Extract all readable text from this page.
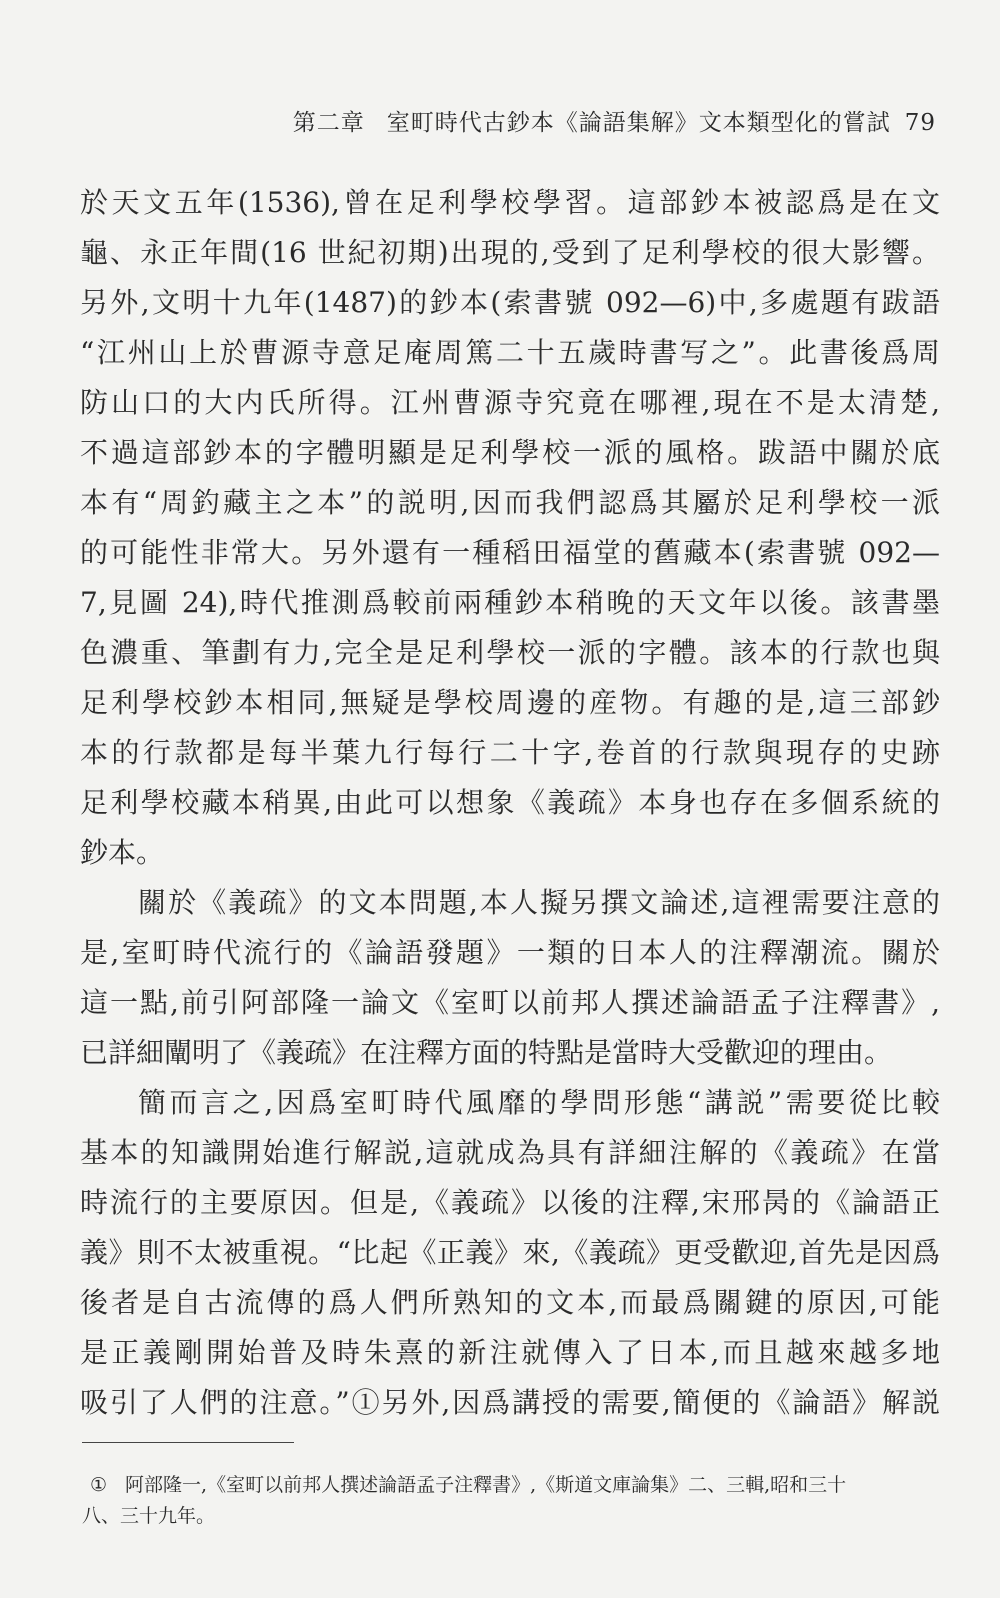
第二章 室町時代古鈔本《論語集解》文本類型化的嘗試 79
於天文五年(1536),曾在足利學校學習。這部鈔本被認爲是在文
龜、永正年間(16 世紀初期)出現的,受到了足利學校的很大影響。
另外,文明十九年(1487)的鈔本(索書號 092—6)中,多處題有跋語
“江州山上於曹源寺意足庵周篤二十五歲時書写之”。此書後爲周
防山口的大内氏所得。江州曹源寺究竟在哪裡,現在不是太清楚,
不過這部鈔本的字體明顯是足利學校一派的風格。跋語中關於底
本有“周釣藏主之本”的説明,因而我們認爲其屬於足利學校一派
的可能性非常大。另外還有一種稻田福堂的舊藏本(索書號 092—
7,見圖 24),時代推測爲較前兩種鈔本稍晚的天文年以後。該書墨
色濃重、筆劃有力,完全是足利學校一派的字體。該本的行款也與
足利學校鈔本相同,無疑是學校周邊的産物。有趣的是,這三部鈔
本的行款都是每半葉九行每行二十字,卷首的行款與現存的史跡
足利學校藏本稍異,由此可以想象《義疏》本身也存在多個系統的
鈔本。
關於《義疏》的文本問題,本人擬另撰文論述,這裡需要注意的
是,室町時代流行的《論語發題》一類的日本人的注釋潮流。關於
這一點,前引阿部隆一論文《室町以前邦人撰述論語孟子注釋書》,
已詳細闡明了《義疏》在注釋方面的特點是當時大受歡迎的理由。
簡而言之,因爲室町時代風靡的學問形態“講説”需要從比較
基本的知識開始進行解説,這就成為具有詳細注解的《義疏》在當
時流行的主要原因。但是,《義疏》以後的注釋,宋邢昺的《論語正
義》則不太被重視。“比起《正義》來,《義疏》更受歡迎,首先是因爲
後者是自古流傳的爲人們所熟知的文本,而最爲關鍵的原因,可能
是正義剛開始普及時朱熹的新注就傳入了日本,而且越來越多地
吸引了人們的注意。”①另外,因爲講授的需要,簡便的《論語》解説
① 阿部隆一,《室町以前邦人撰述論語孟子注釋書》,《斯道文庫論集》二、三輯,昭和三十
八、三十九年。
